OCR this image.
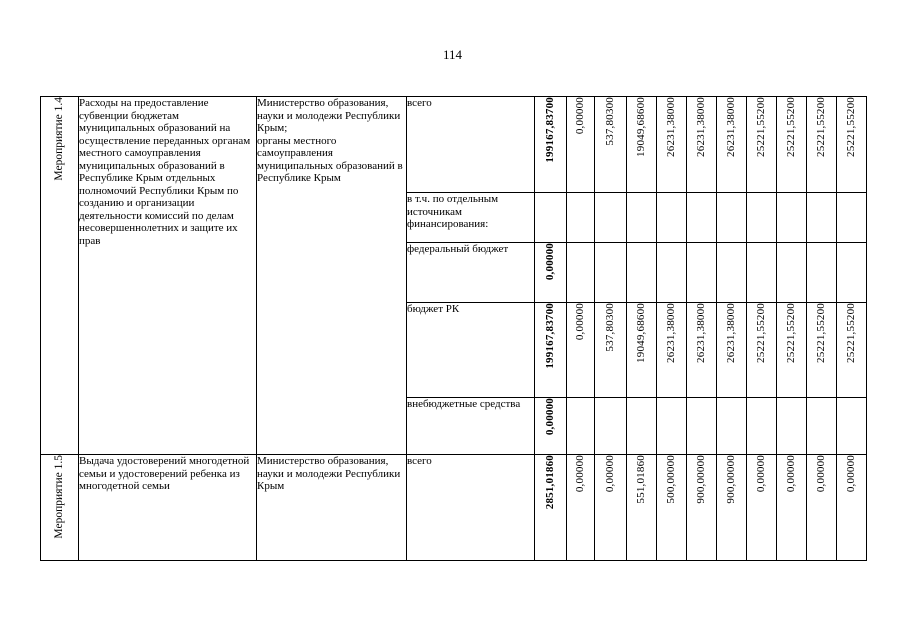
114
Мероприятие 1.4	Расходы на предоставление субвенции бюджетам муниципальных образований на осуществление переданных органам местного самоуправления муниципальных образований в Республике Крым отдельных полномочий Республики Крым по созданию и организации деятельности комиссий по делам несовершеннолетних и защите их прав	Министерство образования, науки и молодежи Республики Крым;
органы местного самоуправления муниципальных образований в Республике Крым	всего	199167,83700	0,00000	537,80300	19049,68600	26231,38000	26231,38000	26231,38000	25221,55200	25221,55200	25221,55200	25221,55200

			в т.ч. по отдельным источникам финансирования:											
			федеральный бюджет	0,00000										

			бюджет РК	199167,83700	0,00000	537,80300	19049,68600	26231,38000	26231,38000	26231,38000	25221,55200	25221,55200	25221,55200	25221,55200

			внебюджетные средства	0,00000										

Мероприятие 1.5	Выдача удостоверений многодетной семьи и удостоверений ребенка из многодетной семьи	Министерство образования, науки и молодежи Республики Крым	всего	2851,01860	0,00000	0,00000	551,01860	500,00000	900,00000	900,00000	0,00000	0,00000	0,00000	0,00000
